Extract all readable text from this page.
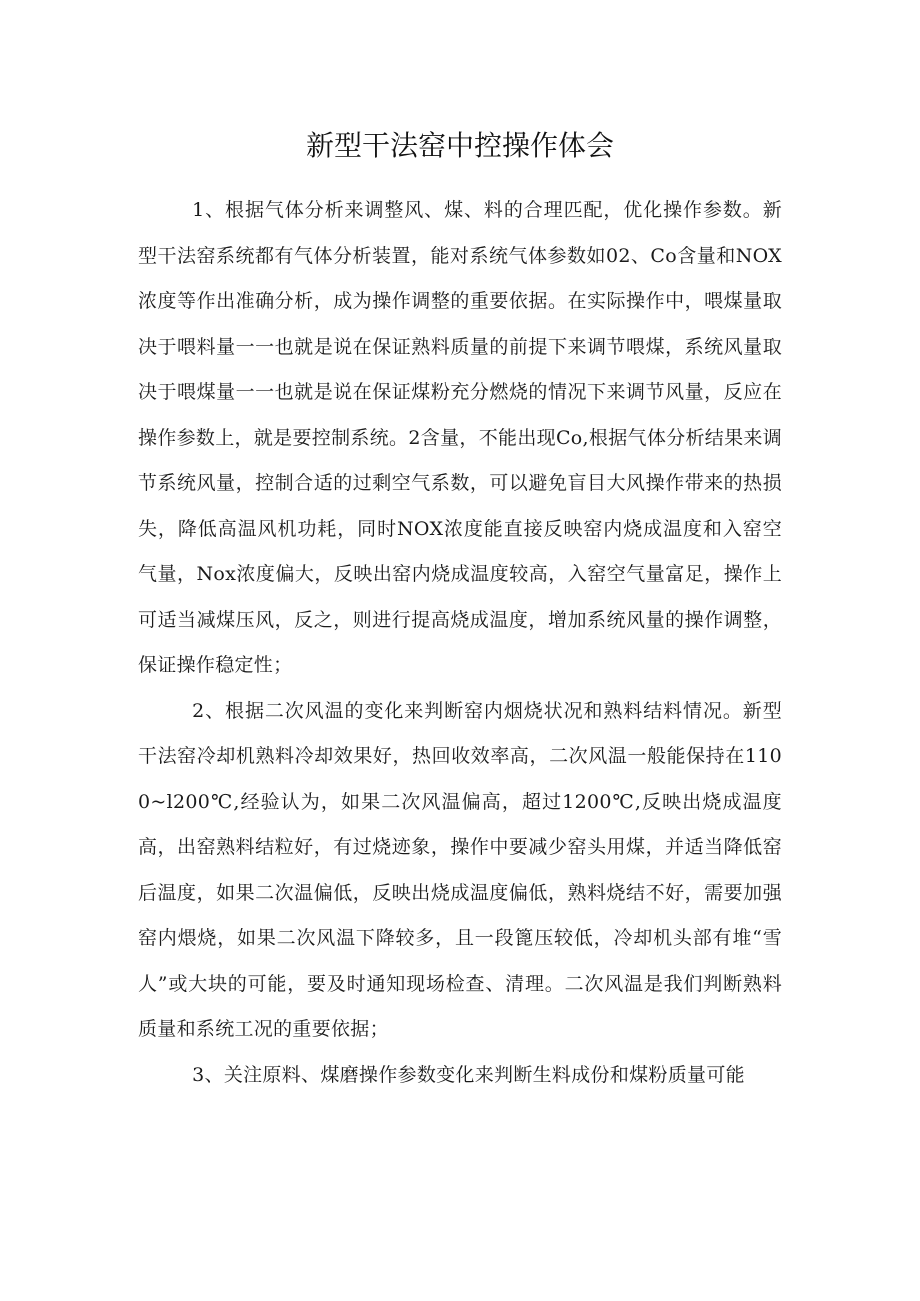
新型干法窑中控操作体会

1、根据气体分析来调整风、煤、料的合理匹配，优化操作参数。新型干法窑系统都有气体分析装置，能对系统气体参数如02、Co含量和NOX浓度等作出准确分析，成为操作调整的重要依据。在实际操作中，喂煤量取决于喂料量一一也就是说在保证熟料质量的前提下来调节喂煤，系统风量取决于喂煤量一一也就是说在保证煤粉充分燃烧的情况下来调节风量，反应在操作参数上，就是要控制系统。2含量，不能出现Co,根据气体分析结果来调节系统风量，控制合适的过剩空气系数，可以避免盲目大风操作带来的热损失，降低高温风机功耗，同时NOX浓度能直接反映窑内烧成温度和入窑空气量，Nox浓度偏大，反映出窑内烧成温度较高，入窑空气量富足，操作上可适当减煤压风，反之，则进行提高烧成温度，增加系统风量的操作调整，保证操作稳定性；

2、根据二次风温的变化来判断窑内烟烧状况和熟料结料情况。新型干法窑冷却机熟料冷却效果好，热回收效率高，二次风温一般能保持在1100~l200℃,经验认为，如果二次风温偏高，超过1200℃,反映出烧成温度高，出窑熟料结粒好，有过烧迹象，操作中要减少窑头用煤，并适当降低窑后温度，如果二次温偏低，反映出烧成温度偏低，熟料烧结不好，需要加强窑内煨烧，如果二次风温下降较多，且一段篦压较低，冷却机头部有堆“雪人”或大块的可能，要及时通知现场检查、清理。二次风温是我们判断熟料质量和系统工况的重要依据；

3、关注原料、煤磨操作参数变化来判断生料成份和煤粉质量可能
